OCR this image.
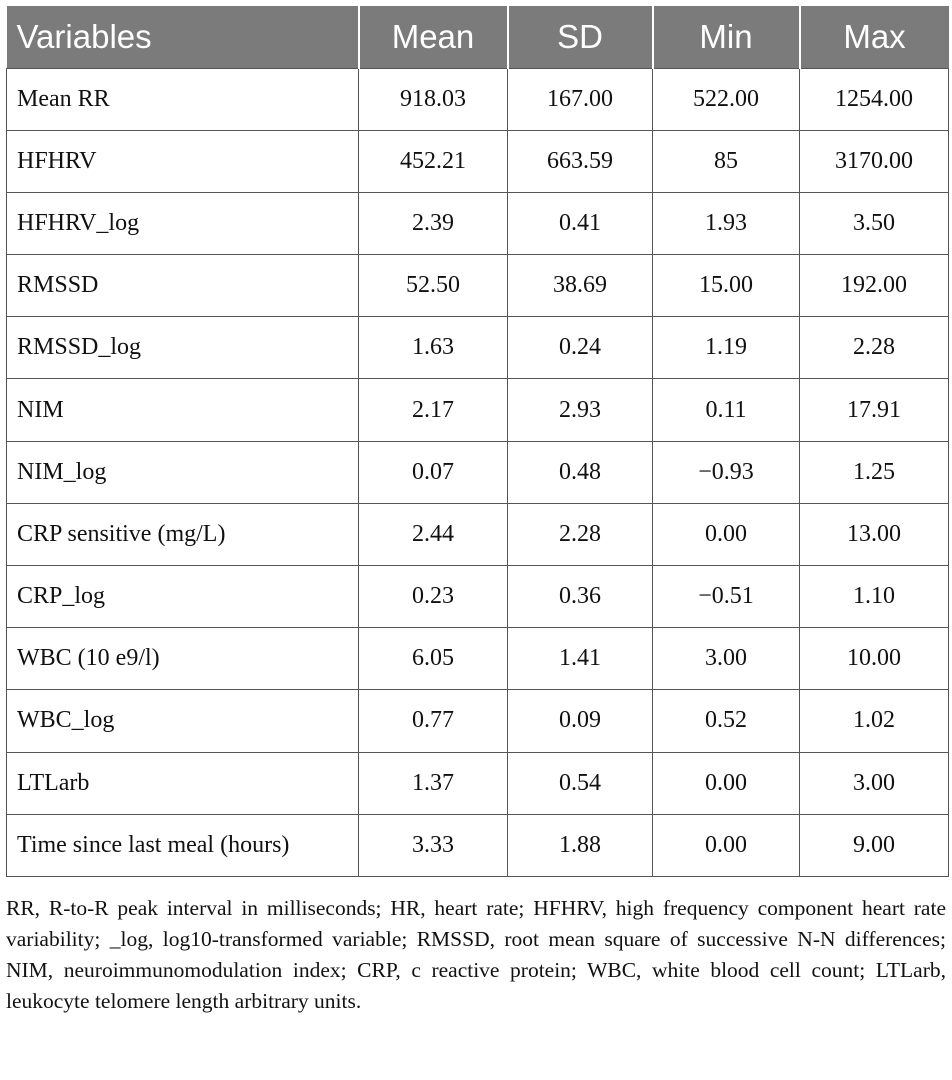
Variables	Mean	SD	Min	Max
Mean RR	918.03	167.00	522.00	1254.00
HFHRV	452.21	663.59	85	3170.00
HFHRV_log	2.39	0.41	1.93	3.50
RMSSD	52.50	38.69	15.00	192.00
RMSSD_log	1.63	0.24	1.19	2.28
NIM	2.17	2.93	0.11	17.91
NIM_log	0.07	0.48	−0.93	1.25
CRP sensitive (mg/L)	2.44	2.28	0.00	13.00
CRP_log	0.23	0.36	−0.51	1.10
WBC (10 e9/l)	6.05	1.41	3.00	10.00
WBC_log	0.77	0.09	0.52	1.02
LTLarb	1.37	0.54	0.00	3.00
Time since last meal (hours)	3.33	1.88	0.00	9.00

RR, R-to-R peak interval in milliseconds; HR, heart rate; HFHRV, high frequency component heart rate variability; _log, log10-transformed variable; RMSSD, root mean square of successive N-N differences; NIM, neuroimmunomodulation index; CRP, c reactive protein; WBC, white blood cell count; LTLarb, leukocyte telomere length arbitrary units.
